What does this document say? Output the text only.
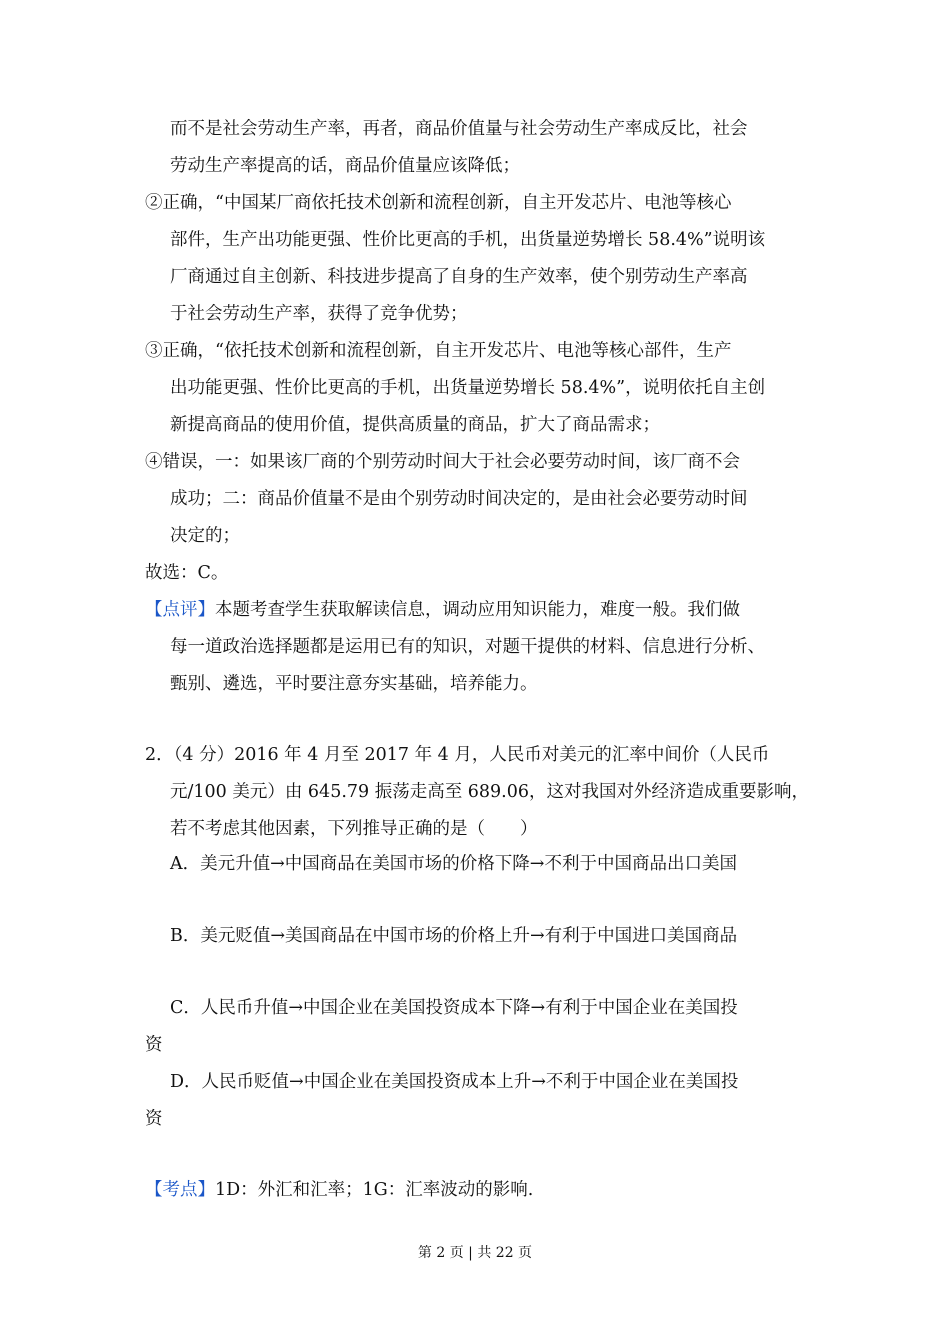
而不是社会劳动生产率，再者，商品价值量与社会劳动生产率成反比，社会
劳动生产率提高的话，商品价值量应该降低；
②正确，“中国某厂商依托技术创新和流程创新，自主开发芯片、电池等核心
部件，生产出功能更强、性价比更高的手机，出货量逆势增长 58.4%”说明该
厂商通过自主创新、科技进步提高了自身的生产效率，使个别劳动生产率高
于社会劳动生产率，获得了竞争优势；
③正确，“依托技术创新和流程创新，自主开发芯片、电池等核心部件，生产
出功能更强、性价比更高的手机，出货量逆势增长 58.4%”，说明依托自主创
新提高商品的使用价值，提供高质量的商品，扩大了商品需求；
④错误，一：如果该厂商的个别劳动时间大于社会必要劳动时间，该厂商不会
成功；二：商品价值量不是由个别劳动时间决定的，是由社会必要劳动时间
决定的；
故选：C。
【点评】本题考查学生获取解读信息，调动应用知识能力，难度一般。我们做
每一道政治选择题都是运用已有的知识，对题干提供的材料、信息进行分析、
甄别、遴选，平时要注意夯实基础，培养能力。
2．（4 分）2016 年 4 月至 2017 年 4 月，人民币对美元的汇率中间价（人民币
元/100 美元）由 645.79 振荡走高至 689.06，这对我国对外经济造成重要影响，
若不考虑其他因素，下列推导正确的是（　　）
A．美元升值→中国商品在美国市场的价格下降→不利于中国商品出口美国
B．美元贬值→美国商品在中国市场的价格上升→有利于中国进口美国商品
C．人民币升值→中国企业在美国投资成本下降→有利于中国企业在美国投
资
D．人民币贬值→中国企业在美国投资成本上升→不利于中国企业在美国投
资
【考点】1D：外汇和汇率；1G：汇率波动的影响.
第 2 页 | 共 22 页
